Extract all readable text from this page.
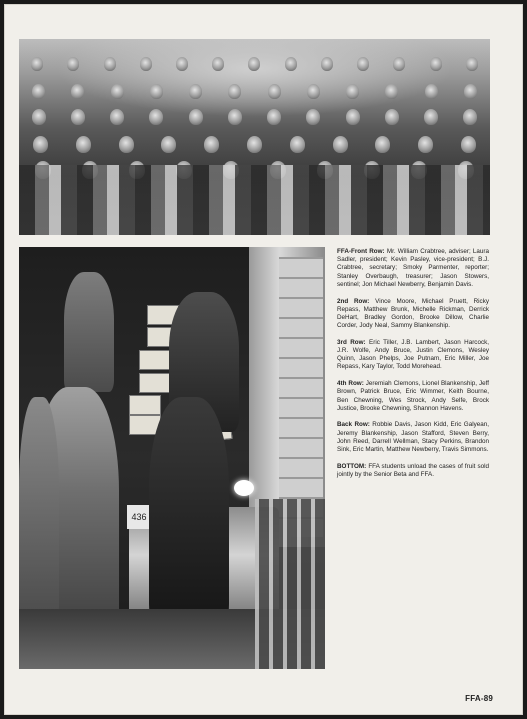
436

FFA-Front Row: Mr. William Crabtree, adviser; Laura Sadler, president; Kevin Pasley, vice-president; B.J. Crabtree, secretary; Smoky Parmenter, reporter; Stanley Overbaugh, treasurer; Jason Stowers, sentinel; Jon Michael Newberry, Benjamin Davis.

2nd Row: Vince Moore, Michael Pruett, Ricky Repass, Matthew Brunk, Michelle Rickman, Derrick DeHart, Bradley Gordon, Brooke Dillow, Charlie Corder, Jody Neal, Sammy Blankenship.

3rd Row: Eric Tiller, J.B. Lambert, Jason Harcock, J.R. Wolfe, Andy Bruce, Justin Clemons, Wesley Quinn, Jason Phelps, Joe Putnam, Eric Miller, Joe Repass, Kary Taylor, Todd Morehead.

4th Row: Jeremiah Clemons, Lionel Blankenship, Jeff Brown, Patrick Bruce, Eric Wimmer, Keith Bourne, Ben Chewning, Wes Strock, Andy Selfe, Brock Justice, Brooke Chewning, Shannon Havens.

Back Row: Robbie Davis, Jason Kidd, Eric Galyean, Jeremy Blankenship, Jason Stafford, Steven Berry, John Reed, Darrell Wellman, Stacy Perkins, Brandon Sink, Eric Martin, Matthew Newberry, Travis Simmons.

BOTTOM: FFA students unload the cases of fruit sold jointly by the Senior Beta and FFA.

FFA-89
